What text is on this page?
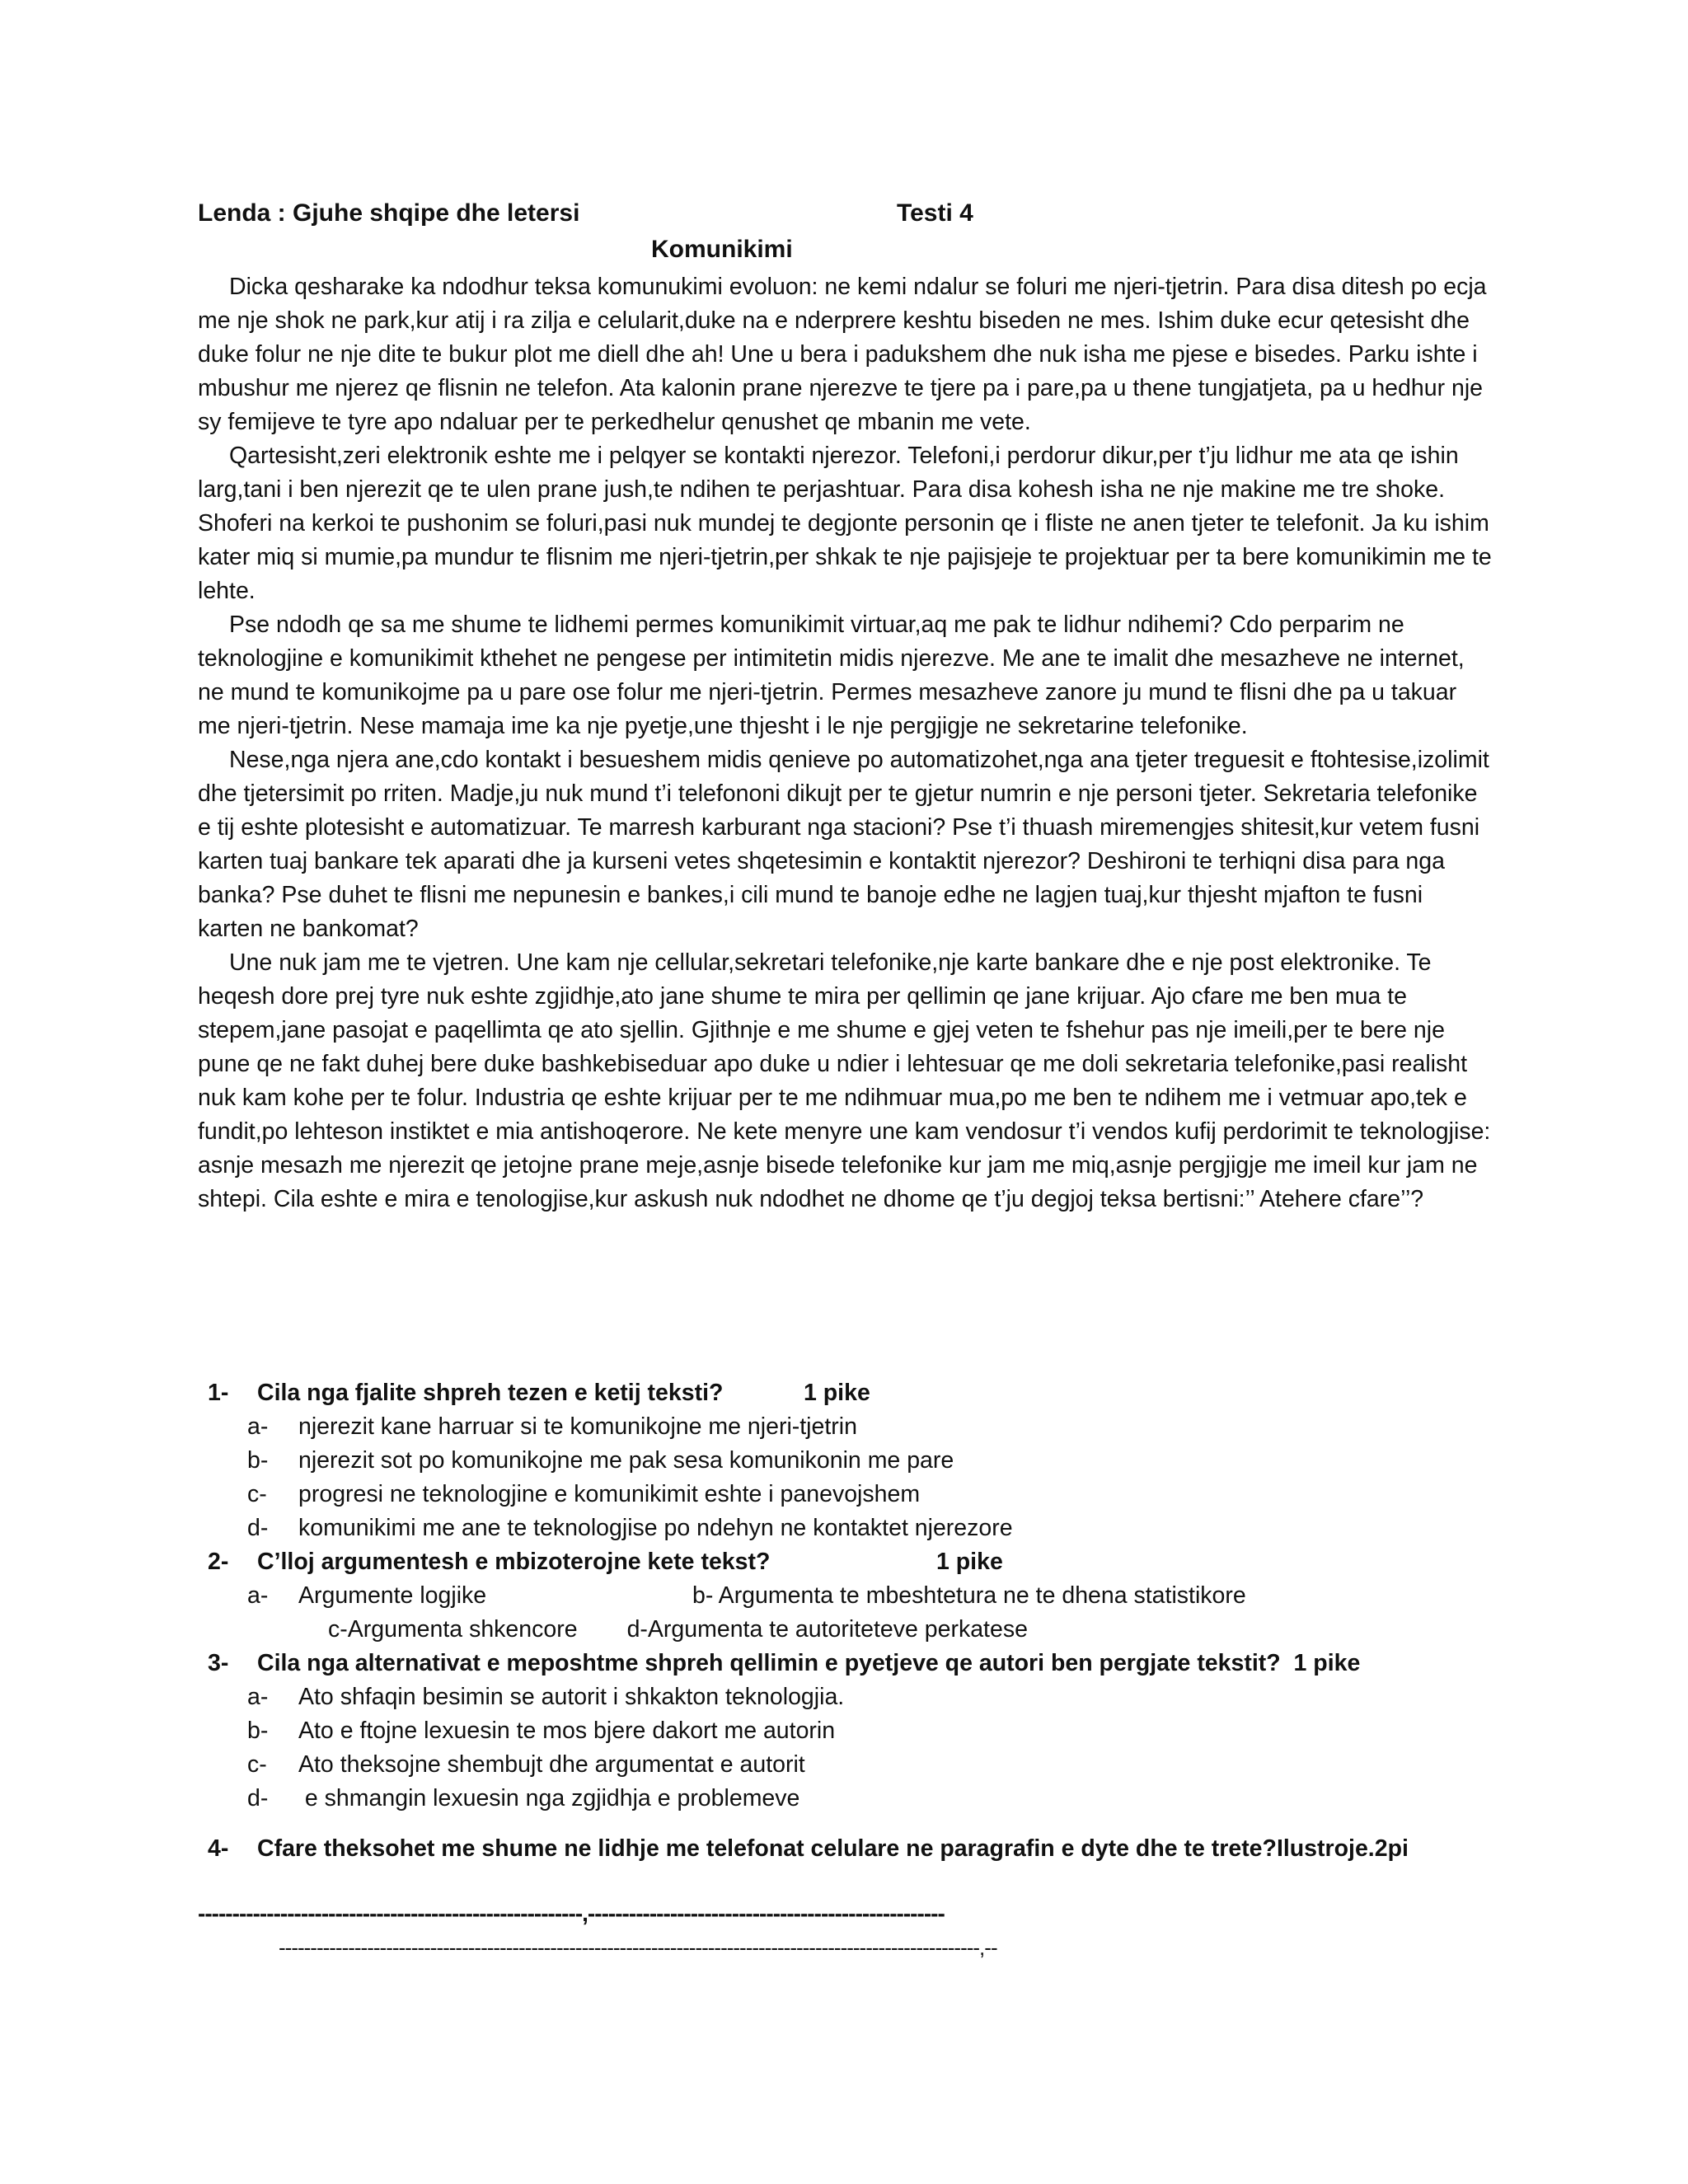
Lenda : Gjuhe shqipe dhe letersi	Testi 4
Komunikimi

Dicka qesharake ka ndodhur teksa komunukimi evoluon: ne kemi ndalur se foluri me njeri-tjetrin. Para disa ditesh po ecja me nje shok ne park,kur atij i ra zilja e celularit,duke na e nderprere keshtu biseden ne mes. Ishim duke ecur qetesisht dhe duke folur ne nje dite te bukur plot me diell dhe ah! Une u bera i padukshem dhe nuk isha me pjese e bisedes. Parku ishte i mbushur me njerez qe flisnin ne telefon. Ata kalonin prane njerezve te tjere pa i pare,pa u thene tungjatjeta, pa u hedhur nje sy femijeve te tyre apo ndaluar per te perkedhelur qenushet qe mbanin me vete.

Qartesisht,zeri elektronik eshte me i pelqyer se kontakti njerezor. Telefoni,i perdorur dikur,per t’ju lidhur me ata qe ishin larg,tani i ben njerezit qe te ulen prane jush,te ndihen te perjashtuar. Para disa kohesh isha ne nje makine me tre shoke. Shoferi na kerkoi te pushonim se foluri,pasi nuk mundej te degjonte personin qe i fliste ne anen tjeter te telefonit. Ja ku ishim kater miq si mumie,pa mundur te flisnim me njeri-tjetrin,per shkak te nje pajisjeje te projektuar per ta bere komunikimin me te lehte.

Pse ndodh qe sa me shume te lidhemi permes komunikimit virtuar,aq me pak te lidhur ndihemi? Cdo perparim ne teknologjine e komunikimit kthehet ne pengese per intimitetin midis njerezve. Me ane te imalit dhe mesazheve ne internet, ne mund te komunikojme pa u pare ose folur me njeri-tjetrin. Permes mesazheve zanore ju mund te flisni dhe pa u takuar me njeri-tjetrin. Nese mamaja ime ka nje pyetje,une thjesht i le nje pergjigje ne sekretarine telefonike.

Nese,nga njera ane,cdo kontakt i besueshem midis qenieve po automatizohet,nga ana tjeter treguesit e ftohtesise,izolimit dhe tjetersimit po rriten. Madje,ju nuk mund t’i telefononi dikujt per te gjetur numrin e nje personi tjeter. Sekretaria telefonike e tij eshte plotesisht e automatizuar. Te marresh karburant nga stacioni? Pse t’i thuash miremengjes shitesit,kur vetem fusni karten tuaj bankare tek aparati dhe ja kurseni vetes shqetesimin e kontaktit njerezor? Deshironi te terhiqni disa para nga banka? Pse duhet te flisni me nepunesin e bankes,i cili mund te banoje edhe ne lagjen tuaj,kur thjesht mjafton te fusni karten ne bankomat?

Une nuk jam me te vjetren. Une kam nje cellular,sekretari telefonike,nje karte bankare dhe e nje post elektronike. Te heqesh dore prej tyre nuk eshte zgjidhje,ato jane shume te mira per qellimin qe jane krijuar. Ajo cfare me ben mua te stepem,jane pasojat e paqellimta qe ato sjellin. Gjithnje e me shume e gjej veten te fshehur pas nje imeili,per te bere nje pune qe ne fakt duhej bere duke bashkebiseduar apo duke u ndier i lehtesuar qe me doli sekretaria telefonike,pasi realisht nuk kam kohe per te folur. Industria qe eshte krijuar per te me ndihmuar mua,po me ben te ndihem me i vetmuar apo,tek e fundit,po lehteson instiktet e mia antishoqerore. Ne kete menyre une kam vendosur t’i vendos kufij perdorimit te teknologjise: asnje mesazh me njerezit qe jetojne prane meje,asnje bisede telefonike kur jam me miq,asnje pergjigje me imeil kur jam ne shtepi. Cila eshte e mira e tenologjise,kur askush nuk ndodhet ne dhome qe t’ju degjoj teksa bertisni:’’ Atehere cfare’’?

1- Cila nga fjalite shpreh tezen e ketij teksti?	1 pike
a- njerezit kane harruar si te komunikojne me njeri-tjetrin
b- njerezit sot po komunikojne me pak sesa komunikonin me pare
c- progresi ne teknologjine e komunikimit eshte i panevojshem
d- komunikimi me ane te teknologjise po ndehyn ne kontaktet njerezore
2- C’lloj argumentesh e mbizoterojne kete tekst?	1 pike
a- Argumente logjike	b- Argumenta te mbeshtetura ne te dhena statistikore
c-Argumenta shkencore d-Argumenta te autoriteteve perkatese
3- Cila nga alternativat e meposhtme shpreh qellimin e pyetjeve qe autori ben pergjate tekstit? 1 pike
a- Ato shfaqin besimin se autorit i shkakton teknologjia.
b- Ato e ftojne lexuesin te mos bjere dakort me autorin
c- Ato theksojne shembujt dhe argumentat e autorit
d- e shmangin lexuesin nga zgjidhja e problemeve
4- Cfare theksohet me shume ne lidhje me telefonat celulare ne paragrafin e dyte dhe te trete?Ilustroje.2pi
--------------------------------------------------------,----------------------------------------------------
---------------------------------------------------------------------------------------------------------------,--
